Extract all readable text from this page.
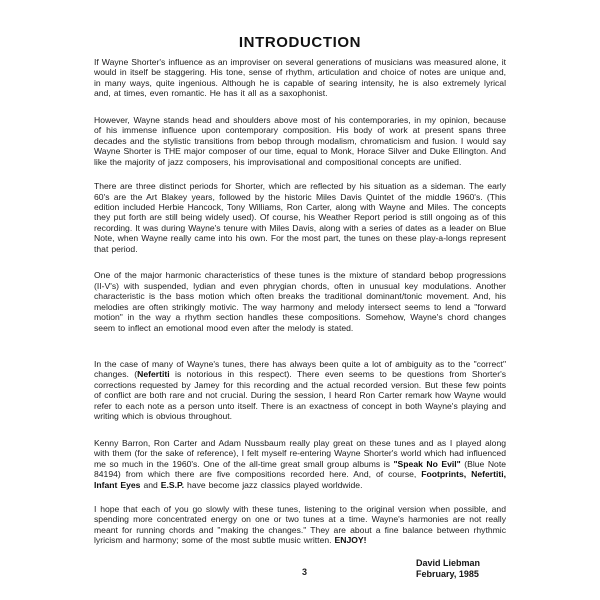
INTRODUCTION

If Wayne Shorter's influence as an improviser on several generations of musicians was measured alone, it would in itself be staggering. His tone, sense of rhythm, articulation and choice of notes are unique and, in many ways, quite ingenious. Although he is capable of searing intensity, he is also extremely lyrical and, at times, even romantic. He has it all as a saxophonist.

However, Wayne stands head and shoulders above most of his contemporaries, in my opinion, because of his immense influence upon contemporary composition. His body of work at present spans three decades and the stylistic transitions from bebop through modalism, chromaticism and fusion. I would say Wayne Shorter is THE major composer of our time, equal to Monk, Horace Silver and Duke Ellington. And like the majority of jazz composers, his improvisational and compositional concepts are unified.

There are three distinct periods for Shorter, which are reflected by his situation as a sideman. The early 60's are the Art Blakey years, followed by the historic Miles Davis Quintet of the middle 1960's. (This edition included Herbie Hancock, Tony Williams, Ron Carter, along with Wayne and Miles. The concepts they put forth are still being widely used). Of course, his Weather Report period is still ongoing as of this recording. It was during Wayne's tenure with Miles Davis, along with a series of dates as a leader on Blue Note, when Wayne really came into his own. For the most part, the tunes on these play-a-longs represent that period.

One of the major harmonic characteristics of these tunes is the mixture of standard bebop progressions (II-V's) with suspended, lydian and even phrygian chords, often in unusual key modulations. Another characteristic is the bass motion which often breaks the traditional dominant/tonic movement. And, his melodies are often strikingly motivic. The way harmony and melody intersect seems to lend a "forward motion" in the way a rhythm section handles these compositions. Somehow, Wayne's chord changes seem to inflect an emotional mood even after the melody is stated.

In the case of many of Wayne's tunes, there has always been quite a lot of ambiguity as to the "correct" changes. (Nefertiti is notorious in this respect). There even seems to be questions from Shorter's corrections requested by Jamey for this recording and the actual recorded version. But these few points of conflict are both rare and not crucial. During the session, I heard Ron Carter remark how Wayne would refer to each note as a person unto itself. There is an exactness of concept in both Wayne's playing and writing which is obvious throughout.

Kenny Barron, Ron Carter and Adam Nussbaum really play great on these tunes and as I played along with them (for the sake of reference), I felt myself re-entering Wayne Shorter's world which had influenced me so much in the 1960's. One of the all-time great small group albums is "Speak No Evil" (Blue Note 84194) from which there are five compositions recorded here. And, of course, Footprints, Nefertiti, Infant Eyes and E.S.P. have become jazz classics played worldwide.

I hope that each of you go slowly with these tunes, listening to the original version when possible, and spending more concentrated energy on one or two tunes at a time. Wayne's harmonies are not really meant for running chords and "making the changes." They are about a fine balance between rhythmic lyricism and harmony; some of the most subtle music written. ENJOY!

3
David Liebman
February, 1985
